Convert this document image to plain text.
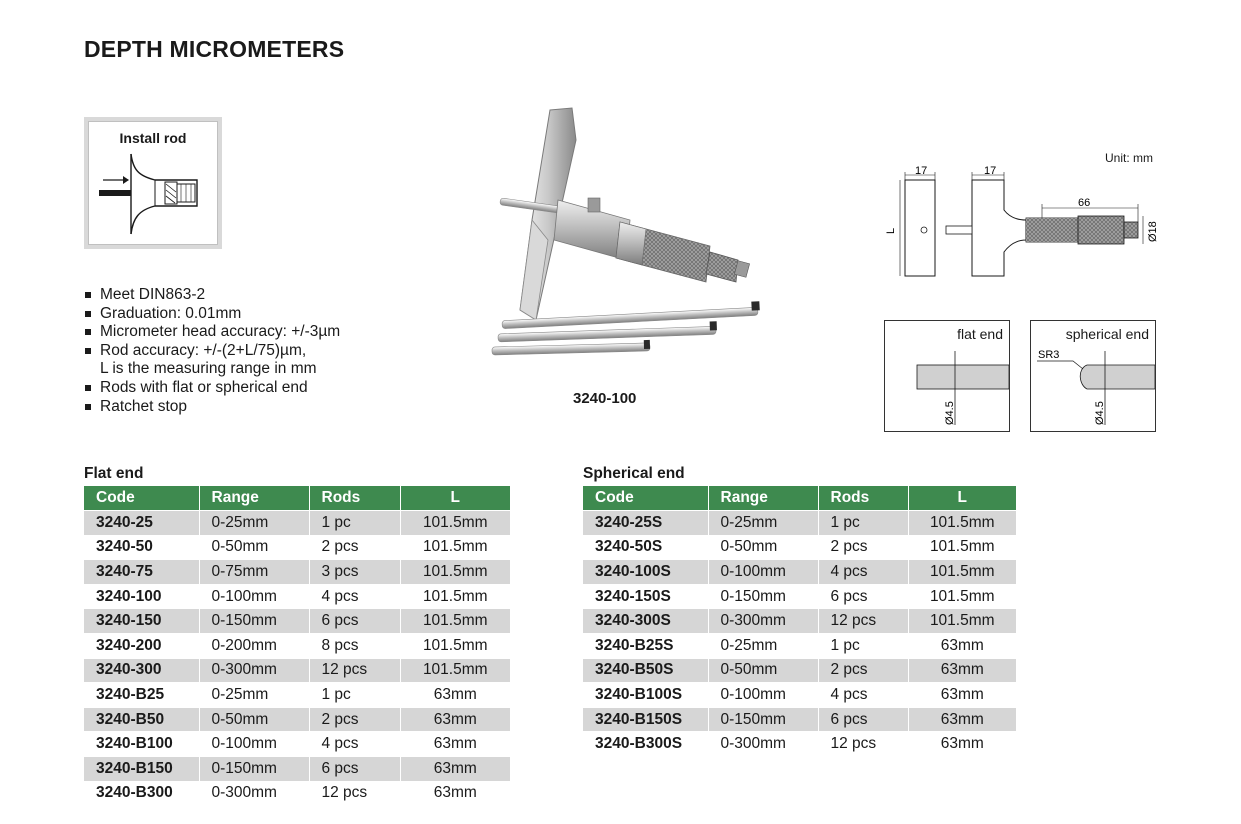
DEPTH MICROMETERS
Install rod
Meet DIN863-2
Graduation: 0.01mm
Micrometer head accuracy: +/-3µm
Rod accuracy: +/-(2+L/75)µm,
L is the measuring range in mm
Rods with flat or spherical end
Ratchet stop	3240-100
Unit: mm
17	17
66
L	Ø18
flat end
Ø4.5
spherical end
SR3
Ø4.5
Flat end
Code	Range	Rods	L
3240-25	0-25mm	1 pc	101.5mm
3240-50	0-50mm	2 pcs	101.5mm
3240-75	0-75mm	3 pcs	101.5mm
3240-100	0-100mm	4 pcs	101.5mm
3240-150	0-150mm	6 pcs	101.5mm
3240-200	0-200mm	8 pcs	101.5mm
3240-300	0-300mm	12 pcs	101.5mm
3240-B25	0-25mm	1 pc	63mm
3240-B50	0-50mm	2 pcs	63mm
3240-B100	0-100mm	4 pcs	63mm
3240-B150	0-150mm	6 pcs	63mm
3240-B300	0-300mm	12 pcs	63mm
Spherical end
Code	Range	Rods	L
3240-25S	0-25mm	1 pc	101.5mm
3240-50S	0-50mm	2 pcs	101.5mm
3240-100S	0-100mm	4 pcs	101.5mm
3240-150S	0-150mm	6 pcs	101.5mm
3240-300S	0-300mm	12 pcs	101.5mm
3240-B25S	0-25mm	1 pc	63mm
3240-B50S	0-50mm	2 pcs	63mm
3240-B100S	0-100mm	4 pcs	63mm
3240-B150S	0-150mm	6 pcs	63mm
3240-B300S	0-300mm	12 pcs	63mm
